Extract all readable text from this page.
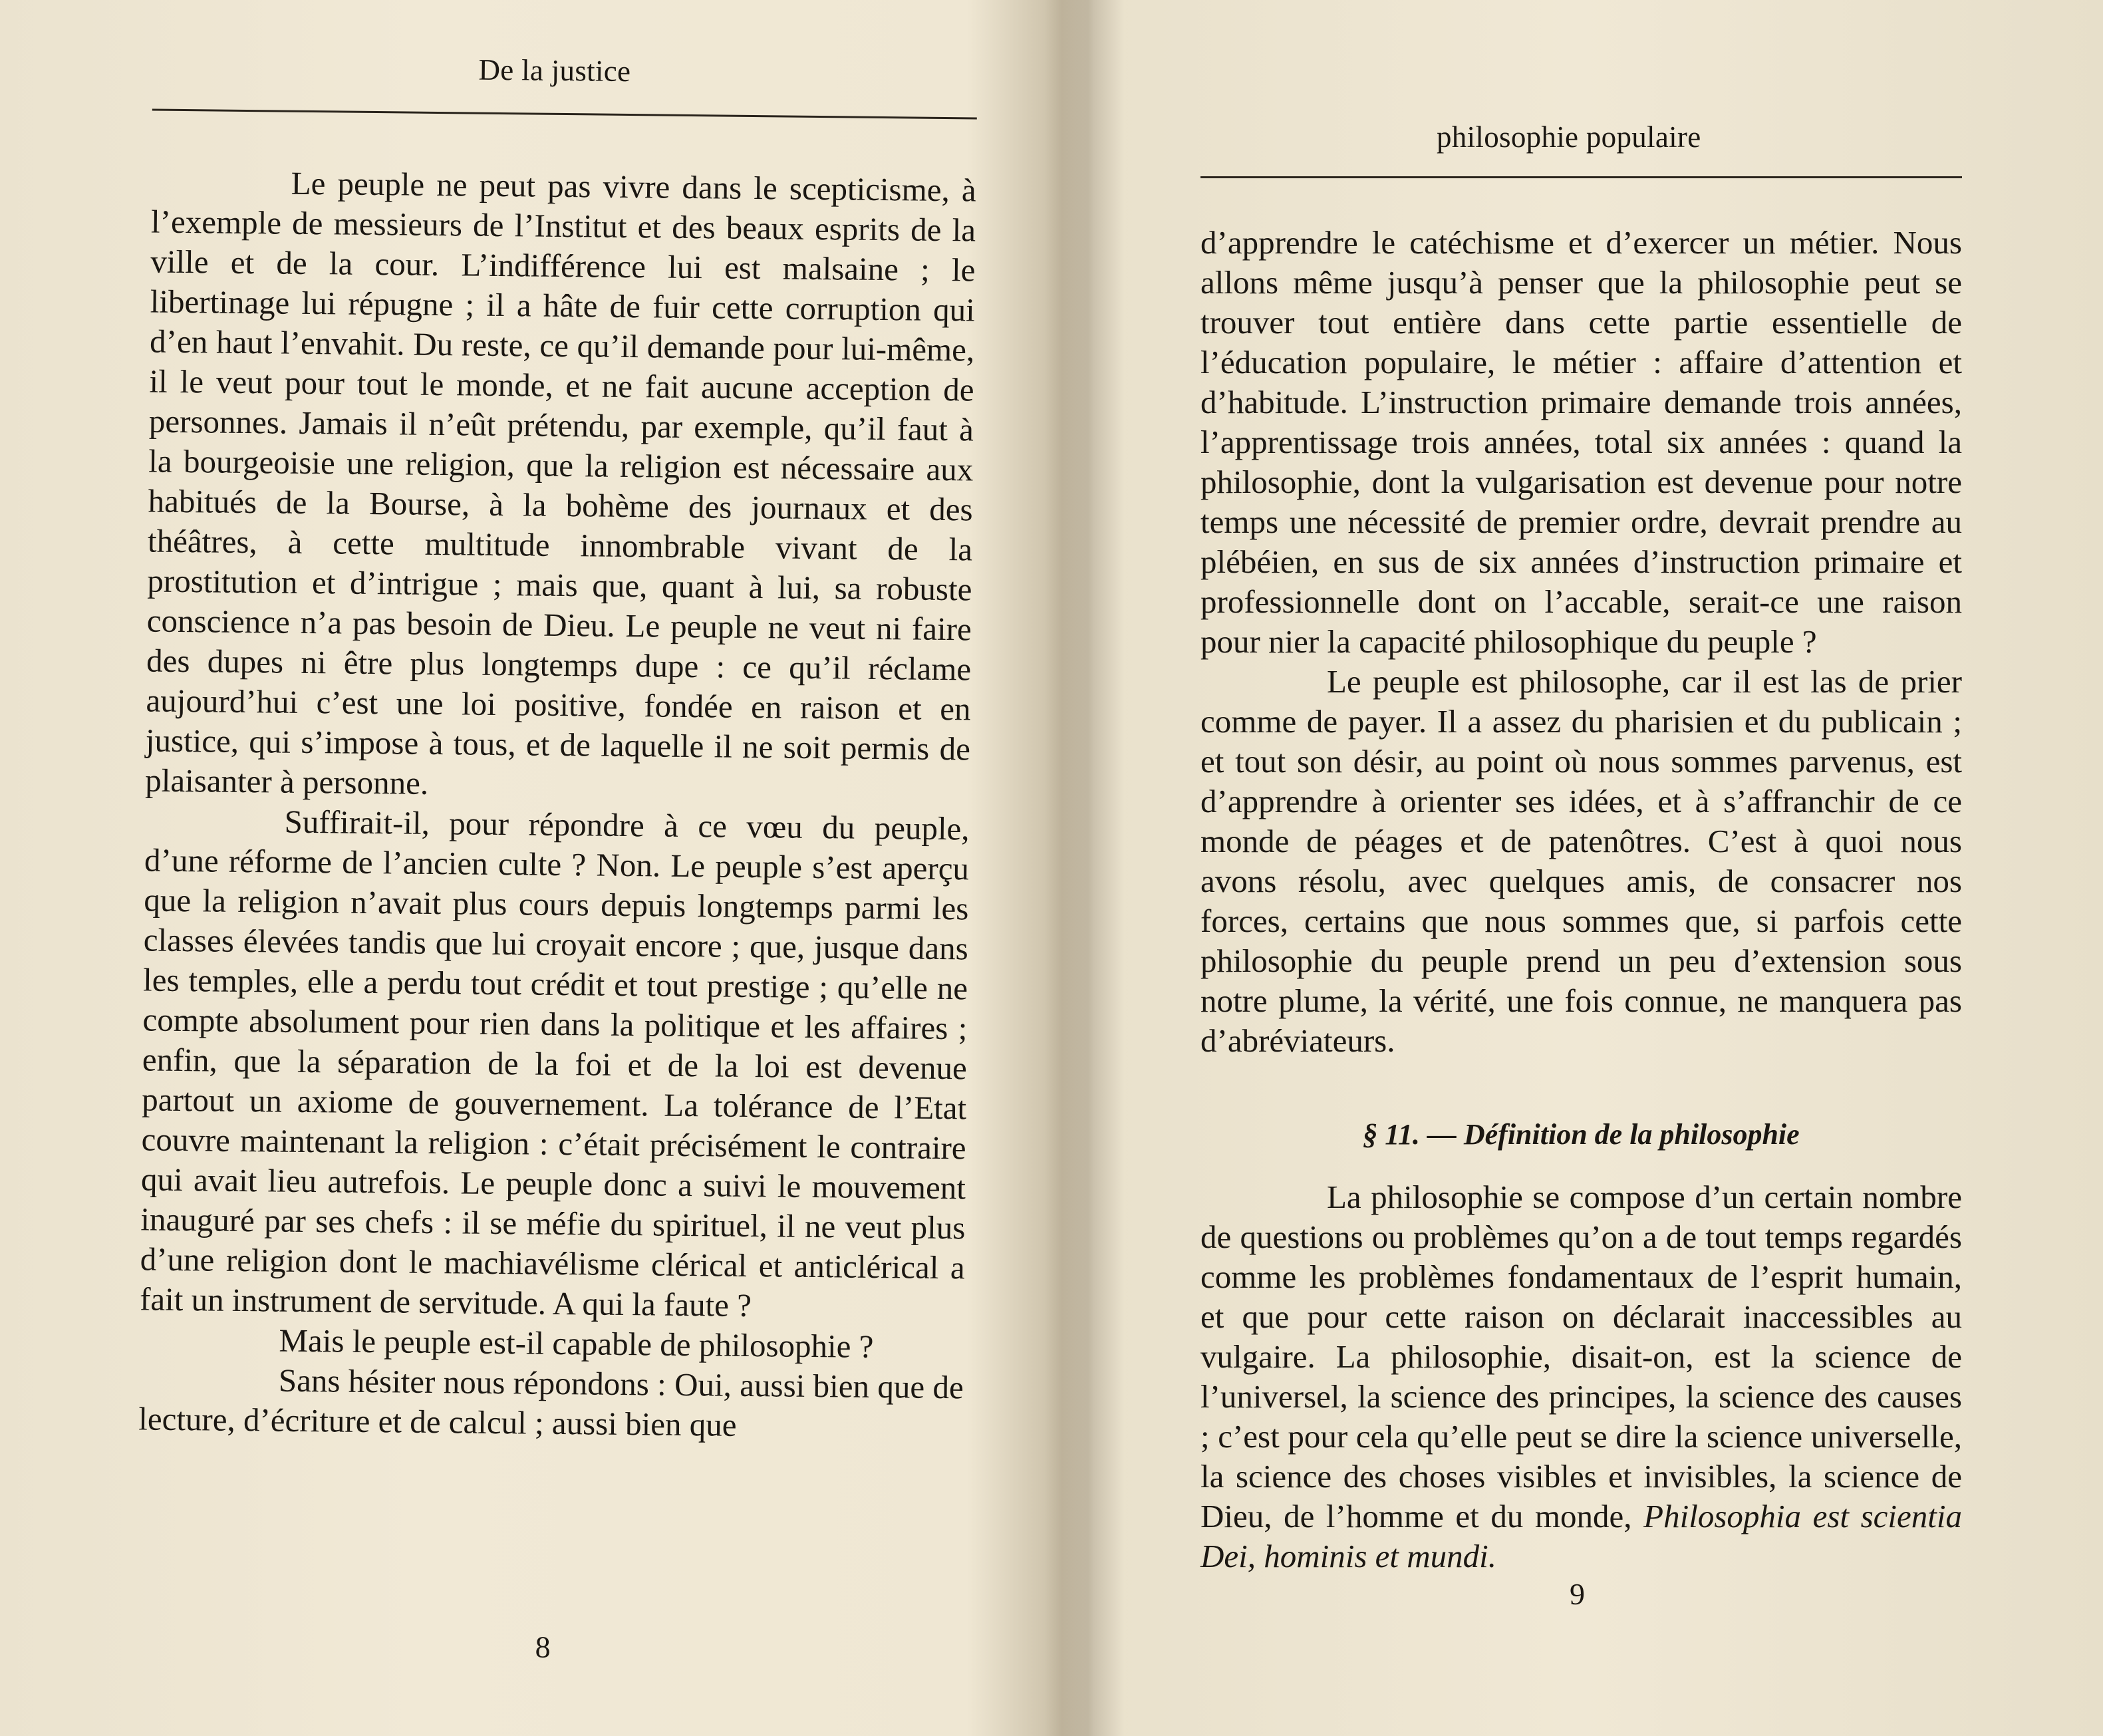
De la justice

Le peuple ne peut pas vivre dans le scepticisme, à l’exemple de messieurs de l’Institut et des beaux esprits de la ville et de la cour. L’indifférence lui est malsaine ; le libertinage lui répugne ; il a hâte de fuir cette corruption qui d’en haut l’envahit. Du reste, ce qu’il demande pour lui-même, il le veut pour tout le monde, et ne fait aucune acception de personnes. Jamais il n’eût prétendu, par exemple, qu’il faut à la bourgeoisie une religion, que la religion est nécessaire aux habitués de la Bourse, à la bohème des journaux et des théâtres, à cette multitude innombrable vivant de la prostitution et d’intrigue ; mais que, quant à lui, sa robuste conscience n’a pas besoin de Dieu. Le peuple ne veut ni faire des dupes ni être plus longtemps dupe : ce qu’il réclame aujourd’hui c’est une loi positive, fondée en raison et en justice, qui s’impose à tous, et de laquelle il ne soit permis de plaisanter à personne.

Suffirait-il, pour répondre à ce vœu du peuple, d’une réforme de l’ancien culte ? Non. Le peuple s’est aperçu que la religion n’avait plus cours depuis longtemps parmi les classes élevées tandis que lui croyait encore ; que, jusque dans les temples, elle a perdu tout crédit et tout prestige ; qu’elle ne compte absolument pour rien dans la politique et les affaires ; enfin, que la séparation de la foi et de la loi est devenue partout un axiome de gouvernement. La tolérance de l’Etat couvre maintenant la religion : c’était précisément le contraire qui avait lieu autrefois. Le peuple donc a suivi le mouvement inauguré par ses chefs : il se méfie du spirituel, il ne veut plus d’une religion dont le machiavélisme clérical et anticlérical a fait un instrument de servitude. A qui la faute ?

Mais le peuple est-il capable de philosophie ?

Sans hésiter nous répondons : Oui, aussi bien que de lecture, d’écriture et de calcul ; aussi bien que

8
philosophie populaire

d’apprendre le catéchisme et d’exercer un métier. Nous allons même jusqu’à penser que la philosophie peut se trouver tout entière dans cette partie essentielle de l’éducation populaire, le métier : affaire d’attention et d’habitude. L’instruction primaire demande trois années, l’apprentissage trois années, total six années : quand la philosophie, dont la vulgarisation est devenue pour notre temps une nécessité de premier ordre, devrait prendre au plébéien, en sus de six années d’instruction primaire et professionnelle dont on l’accable, serait-ce une raison pour nier la capacité philosophique du peuple ?

Le peuple est philosophe, car il est las de prier comme de payer. Il a assez du pharisien et du publicain ; et tout son désir, au point où nous sommes parvenus, est d’apprendre à orienter ses idées, et à s’affranchir de ce monde de péages et de patenôtres. C’est à quoi nous avons résolu, avec quelques amis, de consacrer nos forces, certains que nous sommes que, si parfois cette philosophie du peuple prend un peu d’extension sous notre plume, la vérité, une fois connue, ne manquera pas d’abréviateurs.

§ 11. — Définition de la philosophie

La philosophie se compose d’un certain nombre de questions ou problèmes qu’on a de tout temps regardés comme les problèmes fondamentaux de l’esprit humain, et que pour cette raison on déclarait inaccessibles au vulgaire. La philosophie, disait-on, est la science de l’universel, la science des principes, la science des causes ; c’est pour cela qu’elle peut se dire la science universelle, la science des choses visibles et invisibles, la science de Dieu, de l’homme et du monde, Philosophia est scientia Dei, hominis et mundi.

9
